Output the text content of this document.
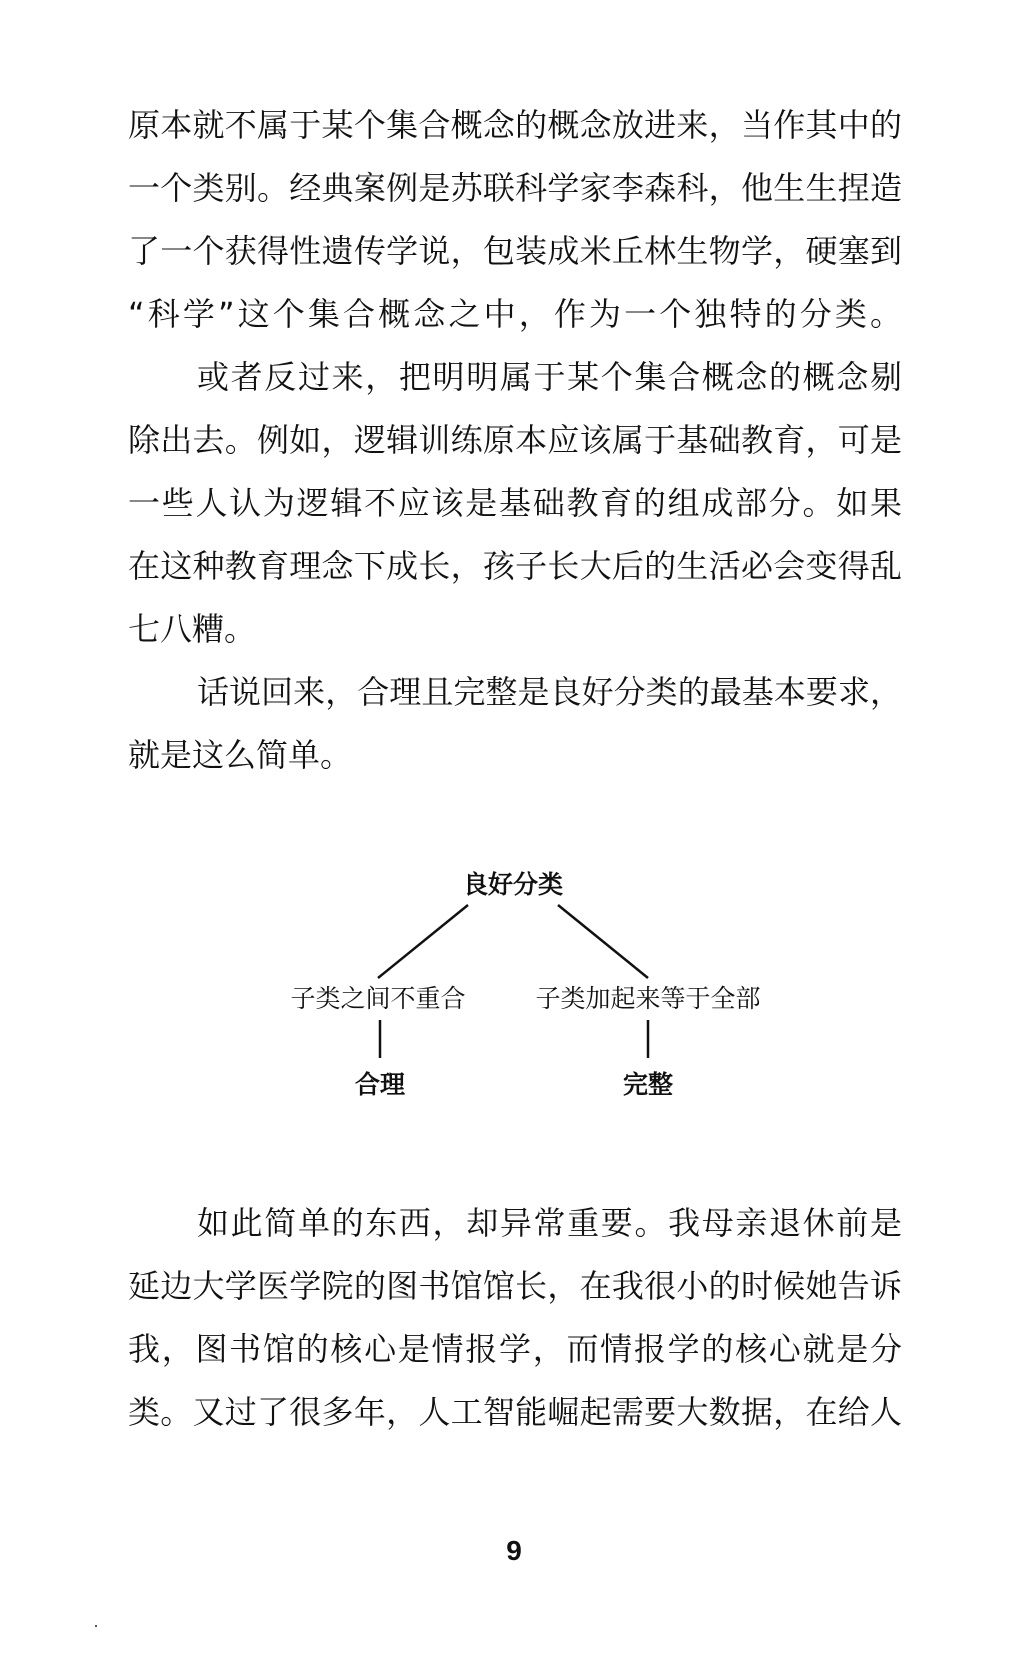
原本就不属于某个集合概念的概念放进来，当作其中的
一个类别。经典案例是苏联科学家李森科，他生生捏造
了一个获得性遗传学说，包装成米丘林生物学，硬塞到
“科学”这个集合概念之中，作为一个独特的分类。
或者反过来，把明明属于某个集合概念的概念剔
除出去。例如，逻辑训练原本应该属于基础教育，可是
一些人认为逻辑不应该是基础教育的组成部分。如果
在这种教育理念下成长，孩子长大后的生活必会变得乱
七八糟。
话说回来，合理且完整是良好分类的最基本要求，
就是这么简单。
良好分类
子类之间不重合	子类加起来等于全部
合理	完整
如此简单的东西，却异常重要。我母亲退休前是
延边大学医学院的图书馆馆长，在我很小的时候她告诉
我，图书馆的核心是情报学，而情报学的核心就是分
类。又过了很多年，人工智能崛起需要大数据，在给人
9
